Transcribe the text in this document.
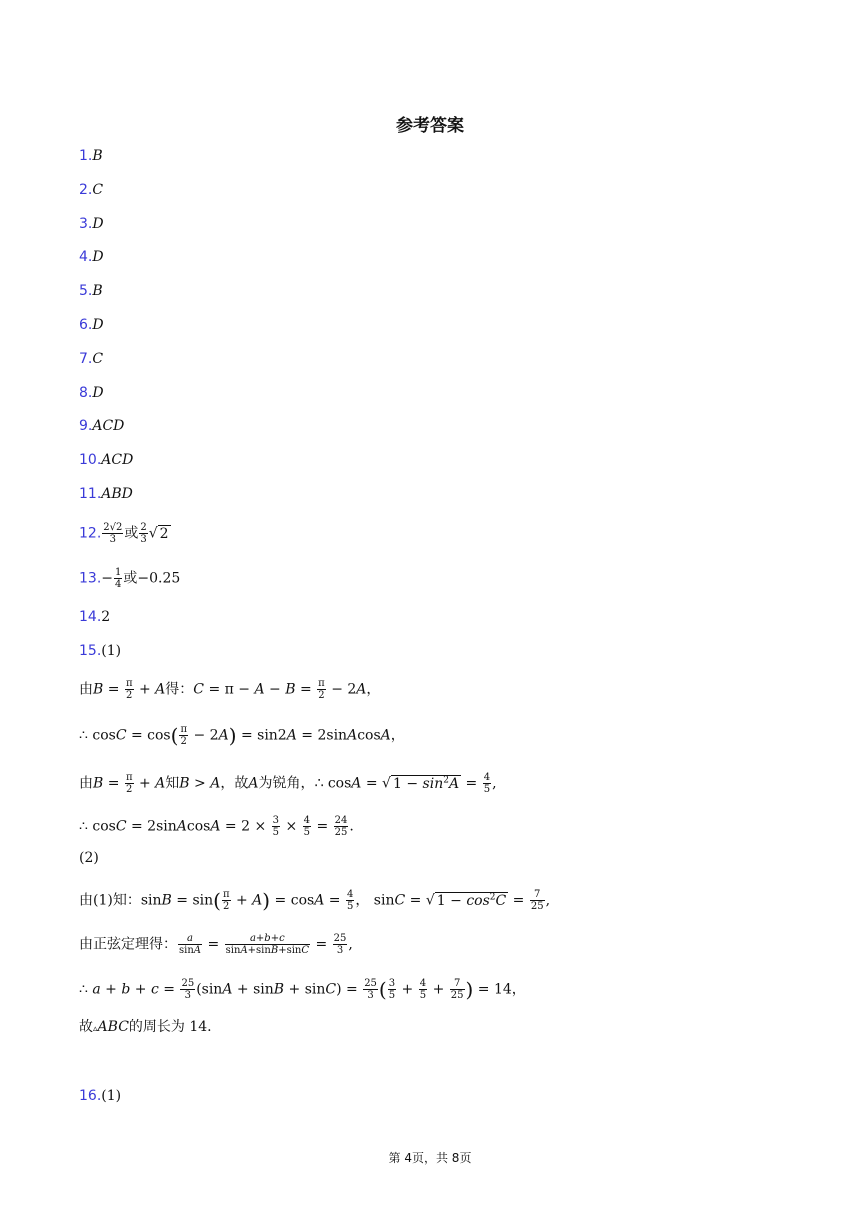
参考答案
1.B
2.C
3.D
4.D
5.B
6.D
7.C
8.D
9.ACD
10.ACD
11.ABD
12. $\frac{2√2}{3}$ 或 $\frac{2}{3}$ √ 2
$13.- \frac{1}{4}$ 或−0.25
14.2
15.(1)
由$B = \frac{\pi}{2} + A$得：$C = \pi - A - B = \frac{\pi}{2} - 2A$，
∴ $\cos C = \cos( \frac{\pi}{2} - 2A) = \sin 2A$ = 2sinAcosA，
由$B = \frac{\pi}{2} + A$知B > A，故A为锐角，∴ cosA = √ $1 - \sin^2A = \frac{4}{5}$ ,
∴ cosC = 2sinAcosA = $2 \times \frac{3}{5} \times \frac{4}{5} = \frac{24}{25}$ .
(2)
由(1)知：$\sin B = \sin( \frac{\pi}{2} + A) = \cos A = \frac{4}{5}$ ， sinC = √ $1 - \cos^2C = \frac{7}{25}$ ,
由正弦定理得： $\frac{a}{\sin A} = \frac{a+b+c}{\sin A+\sin B+\sin C} = \frac{25}{3}$ ,
∴ $a + b + c = \frac{25}{3} (\sin A + \sin B + \sin C) = \frac{25}{3}$ ( $\frac{3}{5} + \frac{4}{5} + \frac{7}{25}$ ) = 14，
故▵ABC的周长为 14.
16.(1)
第 4页，共 8页
